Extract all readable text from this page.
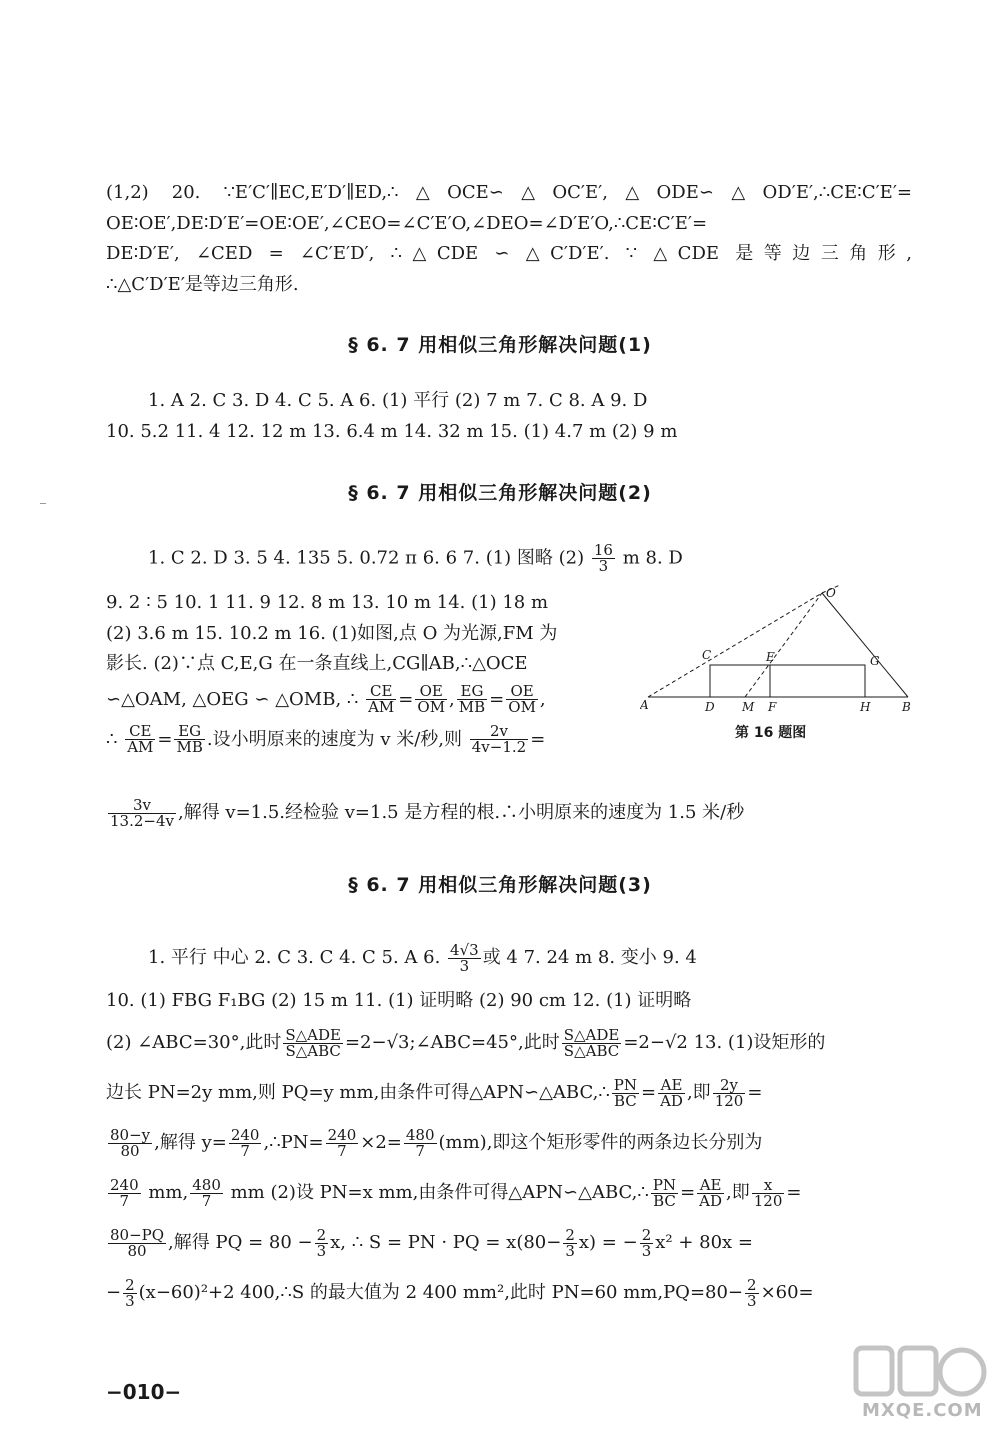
(1,2) 20. ∵E′C′∥EC,E′D′∥ED,∴△OCE∽△OC′E′,△ODE∽△OD′E′,∴CE∶C′E′=
OE∶OE′,DE∶D′E′=OE∶OE′,∠CEO=∠C′E′O,∠DEO=∠D′E′O,∴CE∶C′E′=
DE∶D′E′, ∠CED = ∠C′E′D′, ∴△CDE ∽ △C′D′E′. ∵ △CDE 是等边三角形,
∴△C′D′E′是等边三角形.
§ 6. 7 用相似三角形解决问题(1)
1. A 2. C 3. D 4. C 5. A 6. (1) 平行 (2) 7 m 7. C 8. A 9. D
10. 5.2 11. 4 12. 12 m 13. 6.4 m 14. 32 m 15. (1) 4.7 m (2) 9 m
§ 6. 7 用相似三角形解决问题(2)
1. C 2. D 3. 5 4. 135 5. 0.72 π 6. 6 7. (1) 图略 $(2) \frac{16}{3}$ m 8. D
9. 2 ∶ 5 10. 1 11. 9 12. 8 m 13. 10 m 14. (1) 18 m
(2) 3.6 m 15. 10.2 m 16. (1)如图,点 O 为光源,FM 为
影长. (2)∵点 C,E,G 在一条直线上,CG∥AB,∴△OCE
∽△OAM, △OEG ∽ △OMB, ∴ $\frac{CE}{AM} = \frac{OE}{OM}$ , $\frac{EG}{MB} = \frac{OE}{OM}$ ,
∴ $\frac{CE}{AM} = \frac{EG}{MB}$ .设小明原来的速度为 v 米/秒,则 $\frac{2v}{4v-1.2}$ =
$\frac{3v}{13.2-4v}$ ,解得 v=1.5.经检验 v=1.5 是方程的根.∴小明原来的速度为 1.5 米/秒
O
C	E	G
A	D M F	H	B
第 16 题图
§ 6. 7 用相似三角形解决问题(3)
1. 平行 中心 2. C 3. C 4. C 5. A 6. $\frac{4√3}{3}$ 或 4 7. 24 m 8. 变小 9. 4
10. (1) FBG F₁BG (2) 15 m 11. (1) 证明略 (2) 90 cm 12. (1) 证明略
(2) ∠ABC=30°,此时 $\frac{\text{S△ADE}}{\text{S△ABC}}$ =2−√3;∠ABC=45°,此时 $\frac{\text{S△ADE}}{\text{S△ABC}} =2-√2$ 13. (1)设矩形的
边长 PN=2y mm,则 PQ=y mm,由条件可得△APN∽△ABC,∴ $\frac{PN}{BC} = \frac{AE}{AD}$ ,即 $\frac{2y}{120}$ =
$\frac{80-y}{80}$ ,解得 $y= \frac{240}{7}$ ,∴PN= $\frac{240}{7} \times 2= \frac{480}{7} (mm)$,即这个矩形零件的两条边长分别为
$\frac{240}{7}$ mm, $\frac{480}{7}$ mm (2)设 PN=x mm,由条件可得△APN∽△ABC,∴ $\frac{PN}{BC} = \frac{AE}{AD}$ ,即 $\frac{x}{120}$ =
$\frac{80-PQ}{80}$ ,解得 PQ = $80 - \frac{2}{3} x$, ∴ S = PN · PQ = $x(80- \frac{2}{3} x)$ = − $\frac{2}{3} x^2 + 80x$ =
− $\frac{2}{3} (x-60)^2+2$ 400,∴S 的最大值为 2 400 mm²,此时 PN=60 $mm,PQ=80- \frac{2}{3} \times 60=$
−010−
MXQE.COM
